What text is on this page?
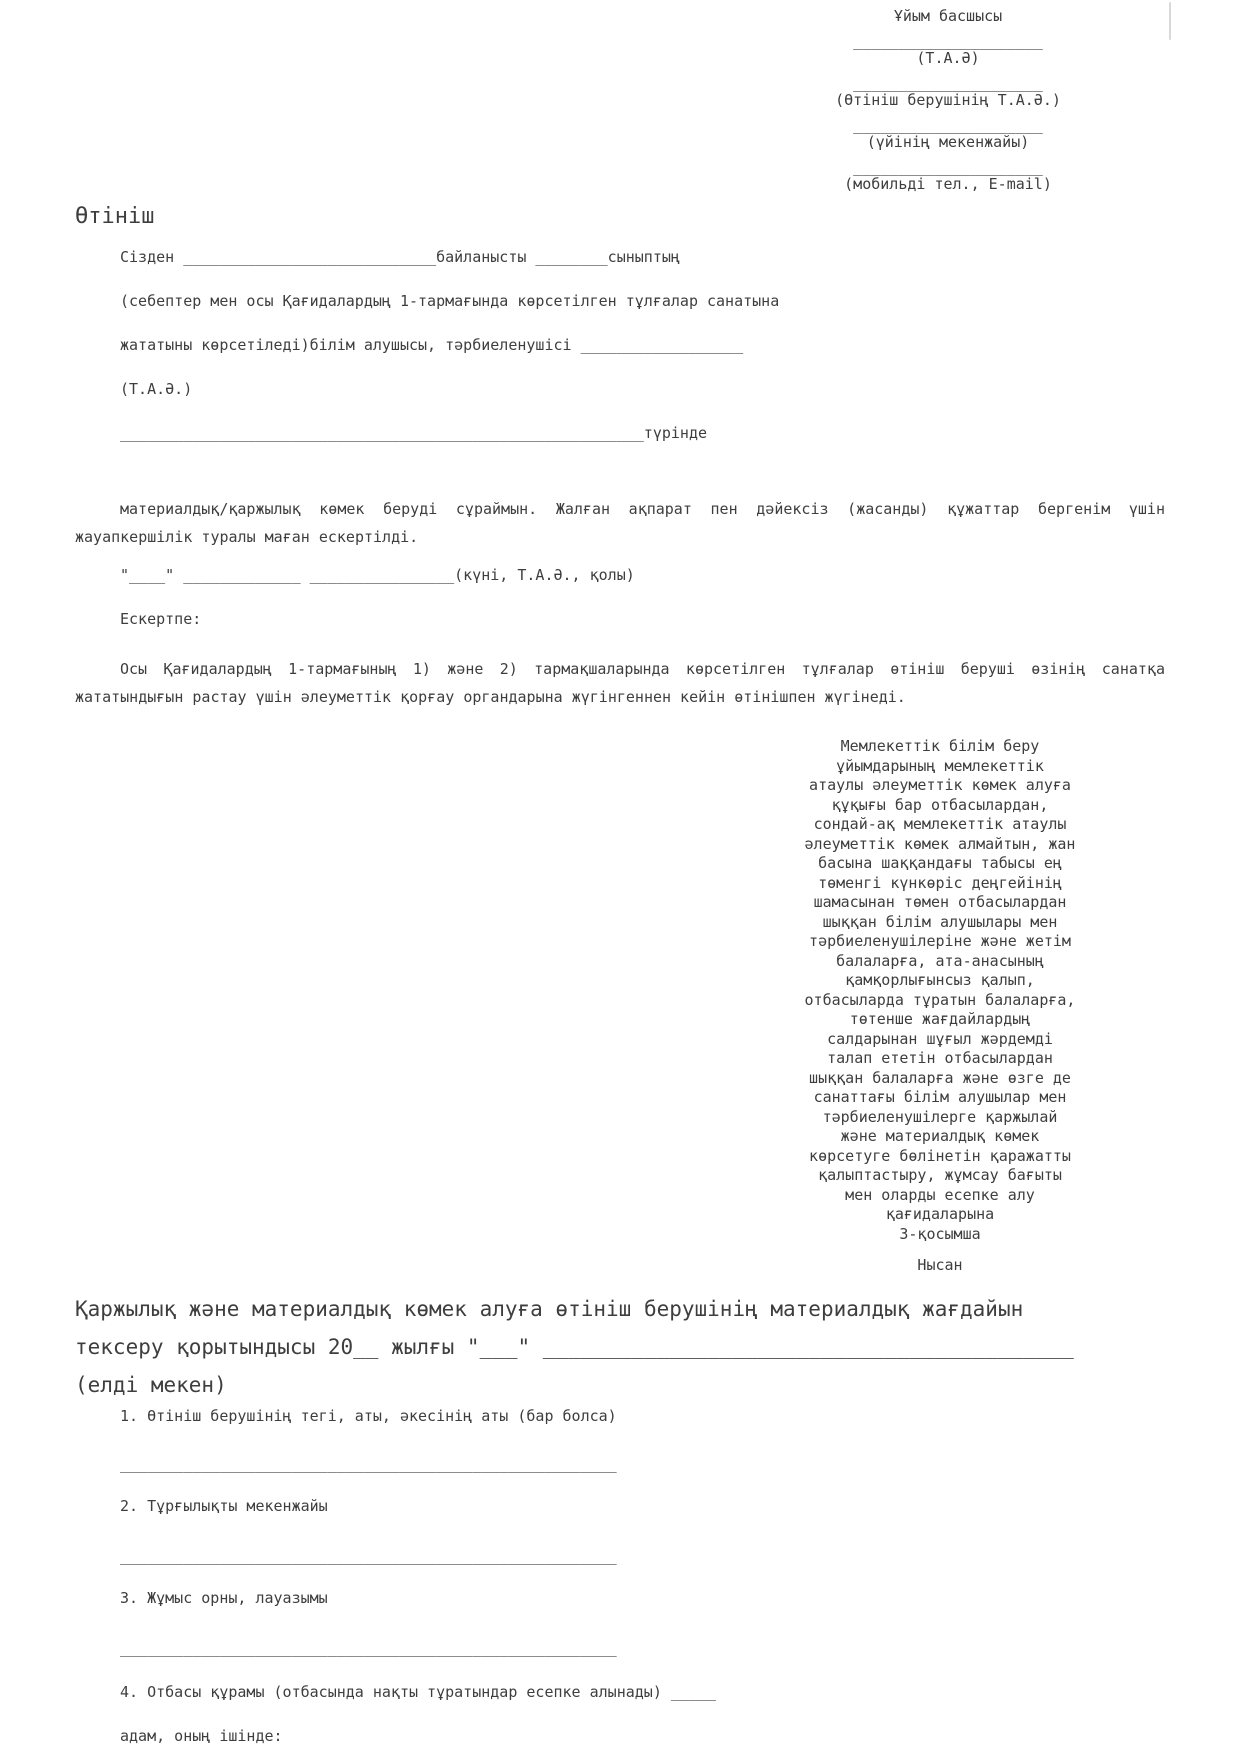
Ұйым басшысы
_____________________
(Т.А.Ә)
_____________________
(Өтініш берушінің Т.А.Ә.)
_____________________
(үйінің мекенжайы)
_____________________
(мобильді тел., E-mail)
Өтініш
Сізден ____________________________байланысты ________сыныптың
(себептер мен осы Қағидалардың 1-тармағында көрсетілген тұлғалар санатына
жататыны көрсетіледі)білім алушысы, тәрбиеленушісі __________________
(Т.А.Ә.)
__________________________________________________________түрінде

материалдық/қаржылық көмек беруді сұраймын. Жалған ақпарат пен дәйексіз (жасанды) құжаттар бергенім үшін жауапкершілік туралы маған ескертілді.

"____" _____________ ________________(күні, Т.А.Ә., қолы)
Ескертпе:

Осы Қағидалардың 1-тармағының 1) және 2) тармақшаларында көрсетілген тұлғалар өтініш беруші өзінің санатқа жататындығын растау үшін әлеуметтік қорғау органдарына жүгінгеннен кейін өтінішпен жүгінеді.

Мемлекеттік білім беру
ұйымдарының мемлекеттік
атаулы әлеуметтік көмек алуға
құқығы бар отбасылардан,
сондай-ақ мемлекеттік атаулы
әлеуметтік көмек алмайтын, жан
басына шаққандағы табысы ең
төменгі күнкөріс деңгейінің
шамасынан төмен отбасылардан
шыққан білім алушылары мен
тәрбиеленушілеріне және жетім
балаларға, ата-анасының
қамқорлығынсыз қалып,
отбасыларда тұратын балаларға,
төтенше жағдайлардың
салдарынан шұғыл жәрдемді
талап ететін отбасылардан
шыққан балаларға және өзге де
санаттағы білім алушылар мен
тәрбиеленушілерге қаржылай
және материалдық көмек
көрсетуге бөлінетін қаражатты
қалыптастыру, жұмсау бағыты
мен оларды есепке алу
қағидаларына
3-қосымша
Нысан
Қаржылық және материалдық көмек алуға өтініш берушінің материалдық жағдайын тексеру қорытындысы 20__ жылғы "___" __________________________________________
(елді мекен)
1. Өтініш берушінің тегі, аты, әкесінің аты (бар болса)
_______________________________________________________
2. Тұрғылықты мекенжайы
_______________________________________________________
3. Жұмыс орны, лауазымы
_______________________________________________________
4. Отбасы құрамы (отбасында нақты тұратындар есепке алынады) _____
адам, оның ішінде:
